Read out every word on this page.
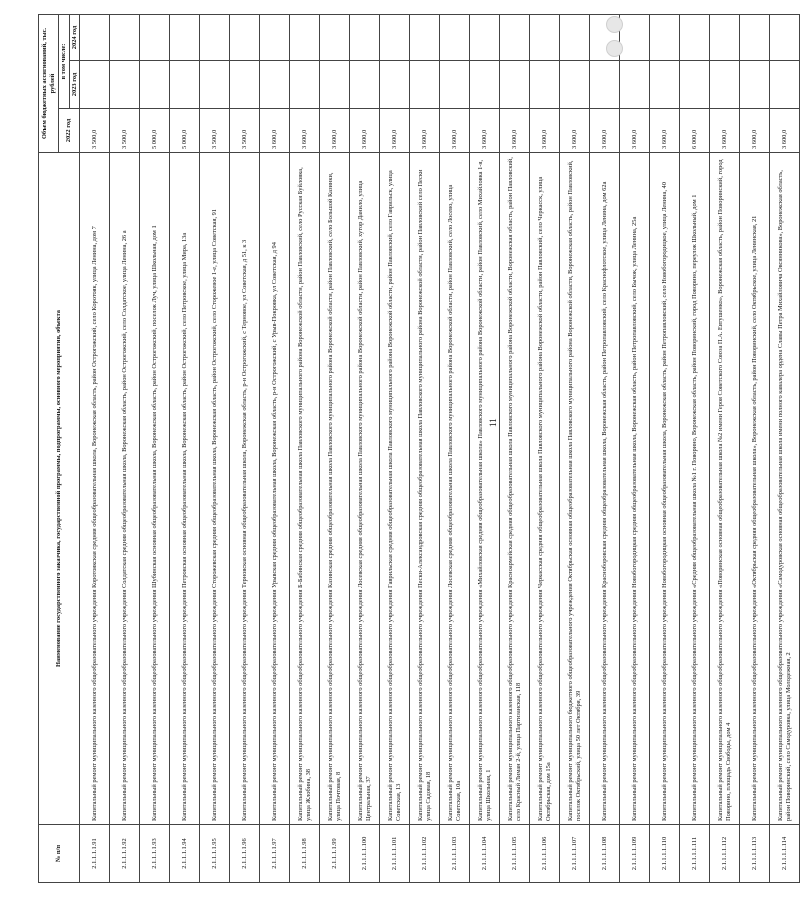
11
№ п/п	Наименование государственного заказчика, государственной программы, подпрограммы, основного мероприятия, объекта	Объем бюджетных ассигнований, тыс. рублей		
		2022 год	в том числе:	
			2023 год	2024 год
2.1.1.1.1.91	Капитальный ремонт муниципального казенного общеобразовательного учреждения Коротоякская средняя общеобразовательная школа, Воронежская область, район Острогожский, село Коротояк, улица Ленина, дом 7	3 500,0		
2.1.1.1.1.92	Капитальный ремонт муниципального казенного общеобразовательного учреждения Солдатская средняя общеобразовательная школа, Воронежская область, район Острогожский, село Солдатское, улица Ленина, 26 а	3 500,0		
2.1.1.1.1.93	Капитальный ремонт муниципального казенного общеобразовательного учреждения Шубинская основная общеобразовательная школа, Воронежская область, район Острогожский, поселок Луч, улица Школьная, дом 1	5 000,0		
2.1.1.1.1.94	Капитальный ремонт муниципального казенного общеобразовательного учреждения Петровская основная общеобразовательная школа, Воронежская область, район Острогожский, село Петровское, улица Мира, 13а	5 000,0		
2.1.1.1.1.95	Капитальный ремонт муниципального казенного общеобразовательного учреждения Сторожевская средняя общеобразовательная школа, Воронежская область, район Острогожский, село Сторожевое 1-е, улица Советская, 91	3 500,0		
2.1.1.1.1.96	Капитальный ремонт муниципального казенного общеобразовательного учреждения Терновская основная общеобразовательная школа, Воронежская область, р-н Острогожский, с Терновое, ул Советская, д 51, к 3	3 500,0		
2.1.1.1.1.97	Капитальный ремонт муниципального казенного общеобразовательного учреждения Урывская средняя общеобразовательная школа, Воронежская область, р-н Острогожский, с Урыв-Покровка, ул Советская, д 94	3 600,0		
2.1.1.1.1.98	Капитальный ремонт муниципального казенного общеобразовательного учреждения Б-Бабинская средняя общеобразовательная школа Павловского муниципального района Воронежской области, район Павловский, село Русская Буйловка, улица Жлобина, 38	3 600,0		
2.1.1.1.1.99	Капитальный ремонт муниципального казенного общеобразовательного учреждения Казинская средняя общеобразовательная школа Павловского муниципального района Воронежской области, район Павловский, село Большой Казинки, улица Почтовая, 8	3 600,0		
2.1.1.1.1.100	Капитальный ремонт муниципального казенного общеобразовательного учреждения Лосевская средняя общеобразовательная школа Павловского муниципального района Воронежской области, район Павловский, хутор Данило, улица Центральная, 37	3 600,0		
2.1.1.1.1.101	Капитальный ремонт муниципального казенного общеобразовательного учреждения Гаврильская средняя общеобразовательная школа Павловского муниципального района Воронежской области, район Павловский, село Гаврильск, улица Советская, 13	3 600,0		
2.1.1.1.1.102	Капитальный ремонт муниципального казенного общеобразовательного учреждения Пески-Александровская средняя общеобразовательная школа Павловского муниципального района Воронежской области, район Павловский село Пески улица Садовая, 18	3 600,0		
2.1.1.1.1.103	Капитальный ремонт муниципального казенного общеобразовательного учреждения Лосевская средняя общеобразовательная школа Павловского муниципального района Воронежской области, район Павловский, село Лосево, улица Советская, 10а	3 600,0		
2.1.1.1.1.104	Капитальный ремонт муниципального казенного общеобразовательного учреждения «Михайловская средняя общеобразовательная школа» Павловского муниципального района Воронежской области, район Павловский, село Михайловка 1-я, улица Школьная, 1	3 600,0		
2.1.1.1.1.105	Капитальный ремонт муниципального казенного общеобразовательного учреждения Красноармейская средняя общеобразовательная школа Павловского муниципального района Воронежской области, Воронежская область, район Павловский, село Красный Лиман 2-й, улица Партизанская, 118	3 600,0		
2.1.1.1.1.106	Капитальный ремонт муниципального казенного общеобразовательного учреждения Черкасская средняя общеобразовательная школа Павловского муниципального района Воронежской области, район Павловский, село Черкасск, улица Октябрьская, дом 15а	3 600,0		
2.1.1.1.1.107	Капитальный ремонт муниципального бюджетного общеобразовательного учреждения Октябрьская основная общеобразовательная школа Павловского муниципального района Воронежской области, Воронежская область, район Павловский, поселок Октябрьский, улица 50 лет Октября, 39	3 600,0		
2.1.1.1.1.108	Капитальный ремонт муниципального казенного общеобразовательного учреждения Красноборовская средняя общеобразовательная школа, Воронежская область, район Петропавловский, село Краснофлотское, улица Ленина, дом 62а	3 600,0		
2.1.1.1.1.109	Капитальный ремонт муниципального казенного общеобразовательного учреждения Новобогородицкая средняя общеобразовательная школа, Воронежская область, район Петропавловский, село Бычок, улица Ленина, 25а	3 600,0		
2.1.1.1.1.110	Капитальный ремонт муниципального казенного общеобразовательного учреждения Новобогородицкая основная общеобразовательная школа, Воронежская область, район Петропавловский, село Новобогородицкое, улица Ленина, 40	3 600,0		
2.1.1.1.1.111	Капитальный ремонт муниципального казенного общеобразовательного учреждения «Средняя общеобразовательная школа №1 г. Поворино, Воронежская область, район Поворинский, город Поворино, переулок Школьный, дом 1	6 000,0		
2.1.1.1.1.112	Капитальный ремонт муниципального казенного общеобразовательного учреждения «Поворинская основная общеобразовательная школа №2 имени Героя Советского Союза П.А. Евтушенко», Воронежская область, район Поворинский, город Поворино, площадь Свободы, дом 4	3 600,0		
2.1.1.1.1.113	Капитальный ремонт муниципального казенного общеобразовательного учреждения «Октябрьская средняя общеобразовательная школа», Воронежская область, район Поворинский, село Октябрьское, улица Ленинская, 21	3 600,0		
2.1.1.1.1.114	Капитальный ремонт муниципального казенного общеобразовательного учреждения «Самодуровская основная общеобразовательная школа имени полного кавалера ордена Славы Петра Михайловича Овсянникова», Воронежская область, район Поворинский, село Самодуровка, улица Молодежная, 2	3 600,0		
